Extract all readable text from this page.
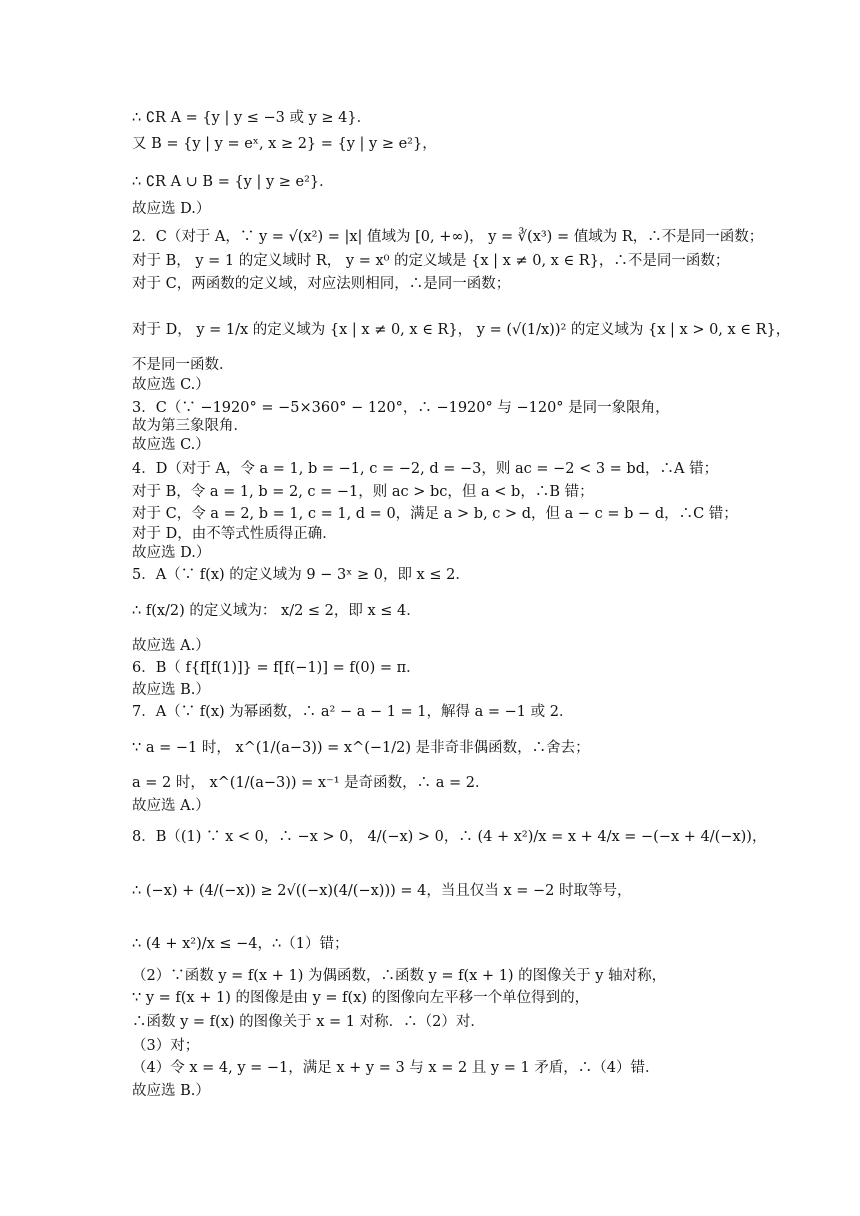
∴ ∁R A = {y | y ≤ −3 或 y ≥ 4}．
又 B = {y | y = eˣ, x ≥ 2} = {y | y ≥ e²}，
∴ ∁R A ∪ B = {y | y ≥ e²}．
故应选 D.）
2．C（对于 A，∵ y = √(x²) = |x| 值域为 [0, +∞)， y = ∛(x³) = 值域为 R，∴不是同一函数；
对于 B， y = 1 的定义域时 R， y = x⁰ 的定义域是 {x | x ≠ 0, x ∈ R}，∴不是同一函数；
对于 C，两函数的定义域，对应法则相同，∴是同一函数；
对于 D， y = 1/x 的定义域为 {x | x ≠ 0, x ∈ R}， y = (√(1/x))² 的定义域为 {x | x > 0, x ∈ R}，
不是同一函数．
故应选 C.）
3．C（∵ −1920° = −5×360° − 120°，∴ −1920° 与 −120° 是同一象限角，
故为第三象限角．
故应选 C.）
4．D（对于 A，令 a = 1, b = −1, c = −2, d = −3，则 ac = −2 < 3 = bd，∴A 错；
对于 B，令 a = 1, b = 2, c = −1，则 ac > bc，但 a < b，∴B 错；
对于 C，令 a = 2, b = 1, c = 1, d = 0，满足 a > b, c > d，但 a − c = b − d，∴C 错；
对于 D，由不等式性质得正确．
故应选 D.）
5．A（∵ f(x) 的定义域为 9 − 3ˣ ≥ 0，即 x ≤ 2．
∴ f(x/2) 的定义域为： x/2 ≤ 2，即 x ≤ 4．
故应选 A.）
6．B（ f{f[f(1)]} = f[f(−1)] = f(0) = π．
故应选 B.）
7．A（∵ f(x) 为幂函数，∴ a² − a − 1 = 1，解得 a = −1 或 2．
∵ a = −1 时， x^(1/(a−3)) = x^(−1/2) 是非奇非偶函数，∴舍去；
a = 2 时， x^(1/(a−3)) = x⁻¹ 是奇函数，∴ a = 2．
故应选 A.）
8．B（(1) ∵ x < 0，∴ −x > 0， 4/(−x) > 0，∴ (4 + x²)/x = x + 4/x = −(−x + 4/(−x))，
∴ (−x) + (4/(−x)) ≥ 2√((−x)(4/(−x))) = 4，当且仅当 x = −2 时取等号，
∴ (4 + x²)/x ≤ −4，∴（1）错；
（2）∵函数 y = f(x + 1) 为偶函数，∴函数 y = f(x + 1) 的图像关于 y 轴对称，
∵ y = f(x + 1) 的图像是由 y = f(x) 的图像向左平移一个单位得到的，
∴函数 y = f(x) 的图像关于 x = 1 对称．∴（2）对．
（3）对；
（4）令 x = 4, y = −1，满足 x + y = 3 与 x = 2 且 y = 1 矛盾，∴（4）错．
故应选 B.）
